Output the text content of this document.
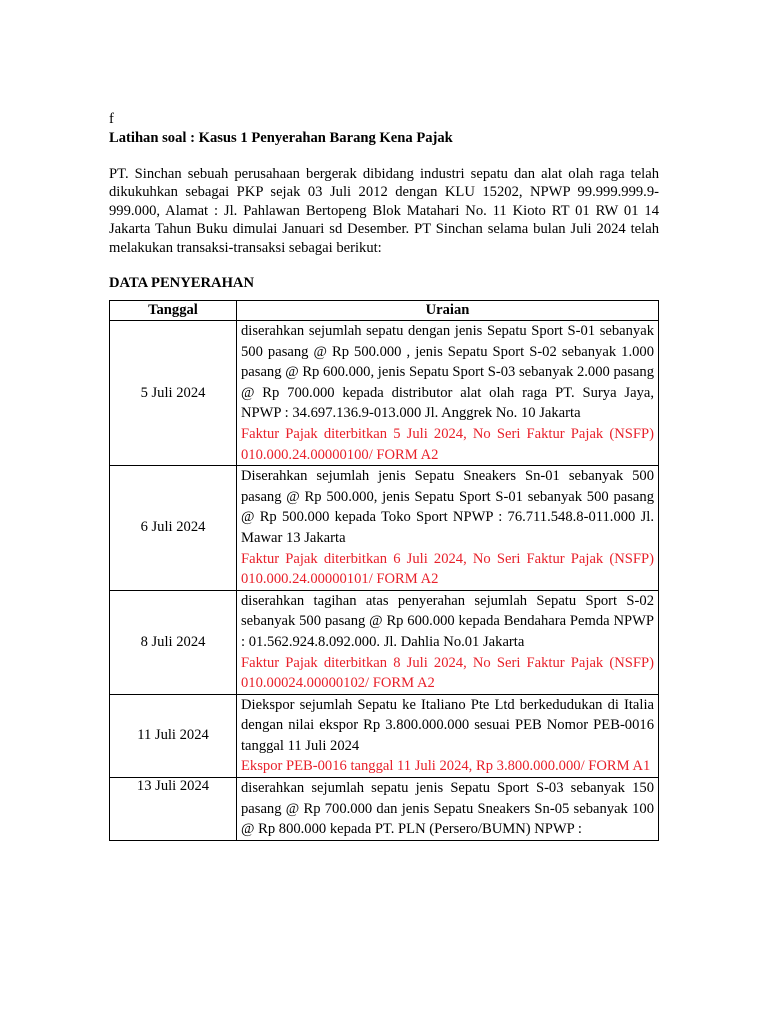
f
Latihan soal : Kasus 1 Penyerahan Barang Kena Pajak
PT. Sinchan sebuah perusahaan bergerak dibidang industri sepatu dan alat olah raga telah dikukuhkan sebagai PKP sejak 03 Juli 2012 dengan KLU 15202, NPWP 99.999.999.9-999.000, Alamat : Jl. Pahlawan Bertopeng Blok Matahari No. 11 Kioto RT 01 RW 01 14 Jakarta Tahun Buku dimulai Januari sd Desember. PT Sinchan selama bulan Juli 2024 telah melakukan transaksi-transaksi sebagai berikut:
DATA PENYERAHAN
Tanggal	Uraian
5 Juli 2024	diserahkan sejumlah sepatu dengan jenis Sepatu Sport S-01 sebanyak 500 pasang @ Rp 500.000 , jenis Sepatu Sport S-02 sebanyak 1.000 pasang @ Rp 600.000, jenis Sepatu Sport S-03 sebanyak 2.000 pasang @ Rp 700.000 kepada distributor alat olah raga PT. Surya Jaya, NPWP : 34.697.136.9-013.000 Jl. Anggrek No. 10 Jakarta
Faktur Pajak diterbitkan 5 Juli 2024, No Seri Faktur Pajak (NSFP) 010.000.24.00000100/ FORM A2

6 Juli 2024	Diserahkan sejumlah jenis Sepatu Sneakers Sn-01 sebanyak 500 pasang @ Rp 500.000, jenis Sepatu Sport S-01 sebanyak 500 pasang @ Rp 500.000 kepada Toko Sport NPWP : 76.711.548.8-011.000 Jl. Mawar 13 Jakarta
Faktur Pajak diterbitkan 6 Juli 2024, No Seri Faktur Pajak (NSFP) 010.000.24.00000101/ FORM A2

8 Juli 2024	diserahkan tagihan atas penyerahan sejumlah Sepatu Sport S-02 sebanyak 500 pasang @ Rp 600.000 kepada Bendahara Pemda NPWP : 01.562.924.8.092.000. Jl. Dahlia No.01 Jakarta
Faktur Pajak diterbitkan 8 Juli 2024, No Seri Faktur Pajak (NSFP) 010.00024.00000102/ FORM A2

11 Juli 2024	Diekspor sejumlah Sepatu ke Italiano Pte Ltd berkedudukan di Italia dengan nilai ekspor Rp 3.800.000.000 sesuai PEB Nomor PEB-0016 tanggal 11 Juli 2024
Ekspor PEB-0016 tanggal 11 Juli 2024, Rp 3.800.000.000/ FORM A1

13 Juli 2024	diserahkan sejumlah sepatu jenis Sepatu Sport S-03 sebanyak 150 pasang @ Rp 700.000 dan jenis Sepatu Sneakers Sn-05 sebanyak 100 @ Rp 800.000 kepada PT. PLN (Persero/BUMN) NPWP :
